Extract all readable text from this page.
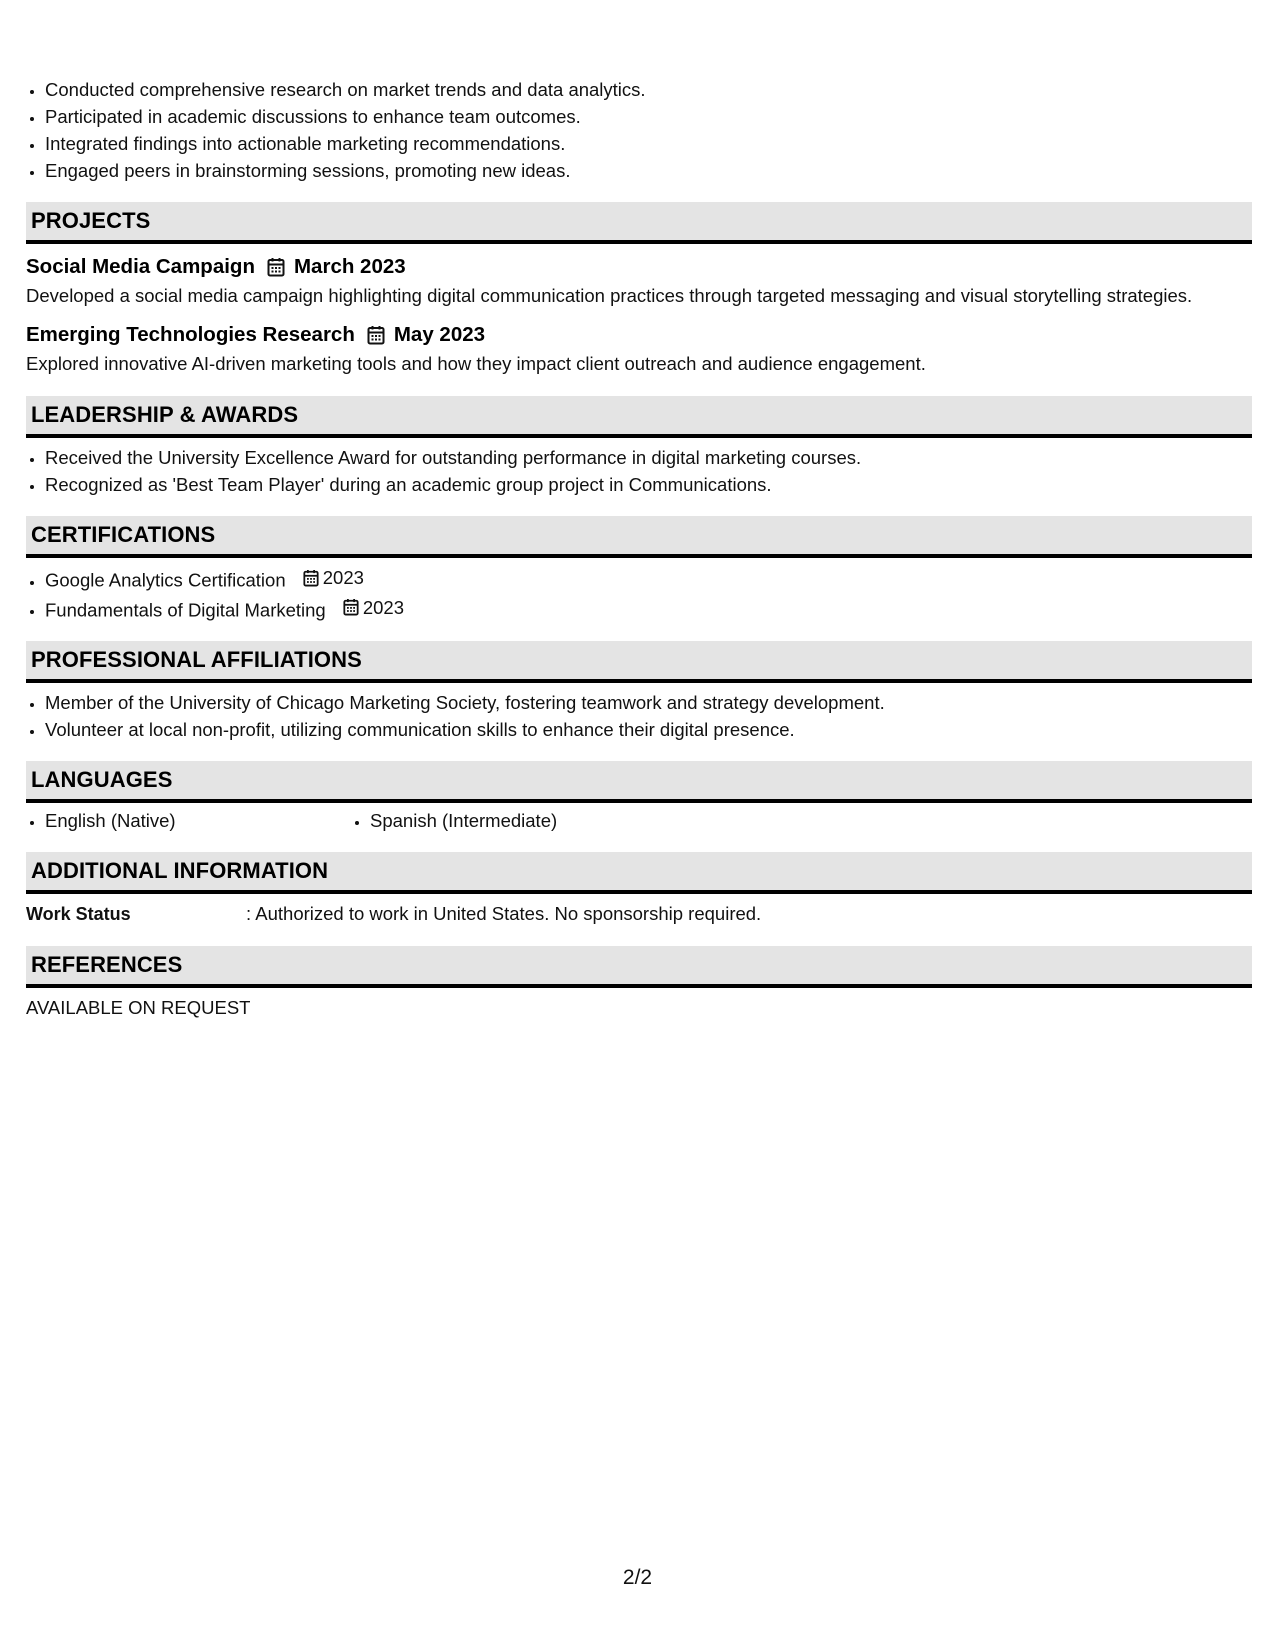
• Conducted comprehensive research on market trends and data analytics.
• Participated in academic discussions to enhance team outcomes.
• Integrated findings into actionable marketing recommendations.
• Engaged peers in brainstorming sessions, promoting new ideas.
PROJECTS
Social Media Campaign March 2023
Developed a social media campaign highlighting digital communication practices through targeted messaging and visual storytelling strategies.
Emerging Technologies Research May 2023
Explored innovative AI-driven marketing tools and how they impact client outreach and audience engagement.
LEADERSHIP & AWARDS
• Received the University Excellence Award for outstanding performance in digital marketing courses.
• Recognized as 'Best Team Player' during an academic group project in Communications.
CERTIFICATIONS
• Google Analytics Certification 2023
• Fundamentals of Digital Marketing 2023
PROFESSIONAL AFFILIATIONS
• Member of the University of Chicago Marketing Society, fostering teamwork and strategy development.
• Volunteer at local non-profit, utilizing communication skills to enhance their digital presence.
LANGUAGES
• English (Native)
•	Spanish (Intermediate)
ADDITIONAL INFORMATION
Work Status	: Authorized to work in United States. No sponsorship required.
REFERENCES
AVAILABLE ON REQUEST
2/2
